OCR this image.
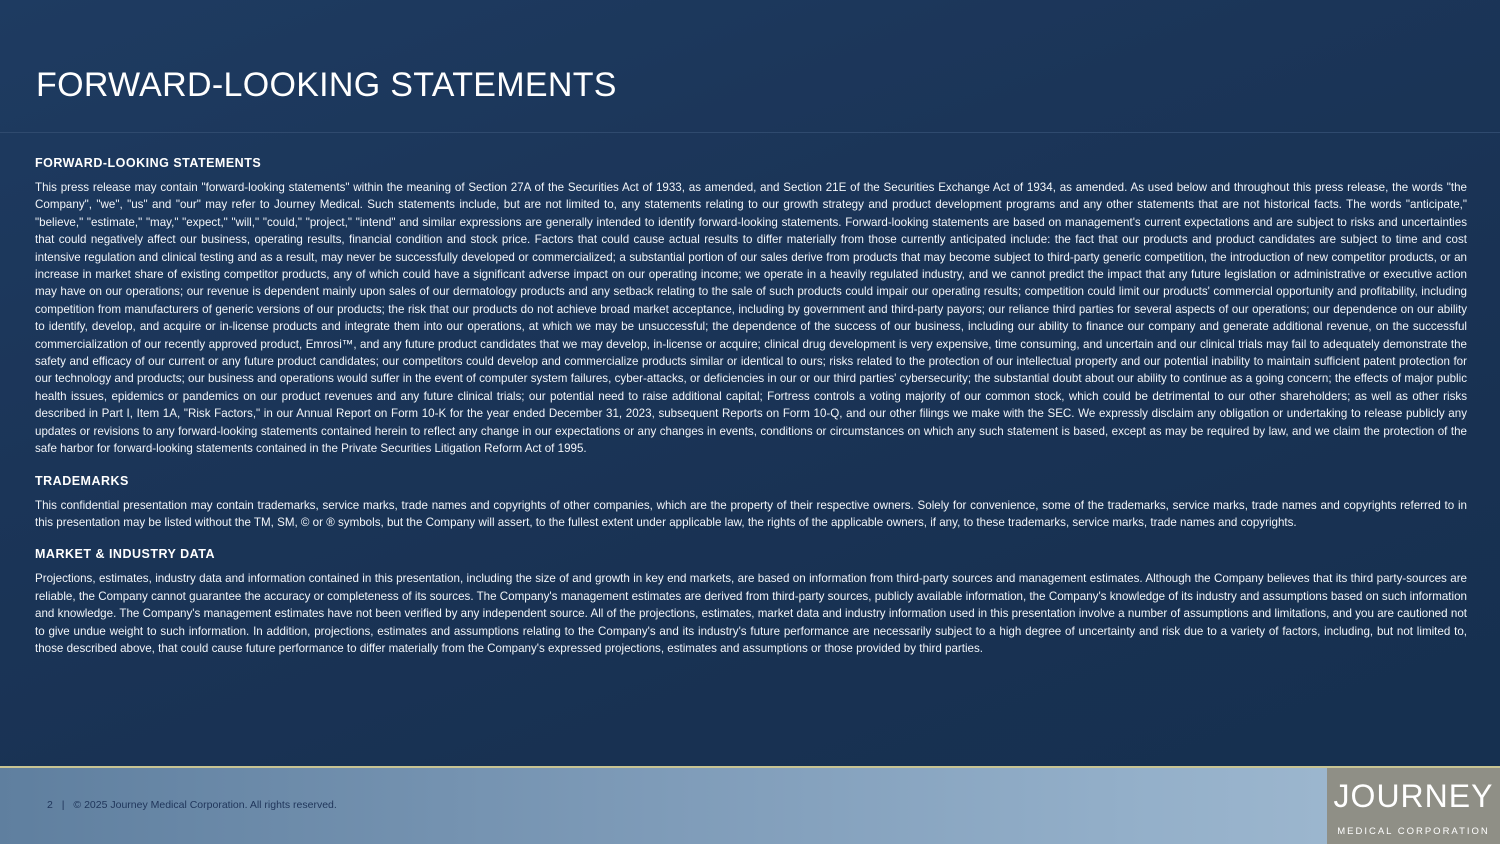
FORWARD-LOOKING STATEMENTS
FORWARD-LOOKING STATEMENTS

This press release may contain "forward-looking statements" within the meaning of Section 27A of the Securities Act of 1933, as amended, and Section 21E of the Securities Exchange Act of 1934, as amended. As used below and throughout this press release, the words "the Company", "we", "us" and "our" may refer to Journey Medical. Such statements include, but are not limited to, any statements relating to our growth strategy and product development programs and any other statements that are not historical facts. The words "anticipate," "believe," "estimate," "may," "expect," "will," "could," "project," "intend" and similar expressions are generally intended to identify forward-looking statements. Forward-looking statements are based on management's current expectations and are subject to risks and uncertainties that could negatively affect our business, operating results, financial condition and stock price. Factors that could cause actual results to differ materially from those currently anticipated include: the fact that our products and product candidates are subject to time and cost intensive regulation and clinical testing and as a result, may never be successfully developed or commercialized; a substantial portion of our sales derive from products that may become subject to third-party generic competition, the introduction of new competitor products, or an increase in market share of existing competitor products, any of which could have a significant adverse impact on our operating income; we operate in a heavily regulated industry, and we cannot predict the impact that any future legislation or administrative or executive action may have on our operations; our revenue is dependent mainly upon sales of our dermatology products and any setback relating to the sale of such products could impair our operating results; competition could limit our products' commercial opportunity and profitability, including competition from manufacturers of generic versions of our products; the risk that our products do not achieve broad market acceptance, including by government and third-party payors; our reliance third parties for several aspects of our operations; our dependence on our ability to identify, develop, and acquire or in-license products and integrate them into our operations, at which we may be unsuccessful; the dependence of the success of our business, including our ability to finance our company and generate additional revenue, on the successful commercialization of our recently approved product, Emrosi™, and any future product candidates that we may develop, in-license or acquire; clinical drug development is very expensive, time consuming, and uncertain and our clinical trials may fail to adequately demonstrate the safety and efficacy of our current or any future product candidates; our competitors could develop and commercialize products similar or identical to ours; risks related to the protection of our intellectual property and our potential inability to maintain sufficient patent protection for our technology and products; our business and operations would suffer in the event of computer system failures, cyber-attacks, or deficiencies in our or our third parties' cybersecurity; the substantial doubt about our ability to continue as a going concern; the effects of major public health issues, epidemics or pandemics on our product revenues and any future clinical trials; our potential need to raise additional capital; Fortress controls a voting majority of our common stock, which could be detrimental to our other shareholders; as well as other risks described in Part I, Item 1A, "Risk Factors," in our Annual Report on Form 10-K for the year ended December 31, 2023, subsequent Reports on Form 10-Q, and our other filings we make with the SEC. We expressly disclaim any obligation or undertaking to release publicly any updates or revisions to any forward-looking statements contained herein to reflect any change in our expectations or any changes in events, conditions or circumstances on which any such statement is based, except as may be required by law, and we claim the protection of the safe harbor for forward-looking statements contained in the Private Securities Litigation Reform Act of 1995.

TRADEMARKS

This confidential presentation may contain trademarks, service marks, trade names and copyrights of other companies, which are the property of their respective owners. Solely for convenience, some of the trademarks, service marks, trade names and copyrights referred to in this presentation may be listed without the TM, SM, © or ® symbols, but the Company will assert, to the fullest extent under applicable law, the rights of the applicable owners, if any, to these trademarks, service marks, trade names and copyrights.

MARKET & INDUSTRY DATA

Projections, estimates, industry data and information contained in this presentation, including the size of and growth in key end markets, are based on information from third-party sources and management estimates. Although the Company believes that its third party-sources are reliable, the Company cannot guarantee the accuracy or completeness of its sources. The Company's management estimates are derived from third-party sources, publicly available information, the Company's knowledge of its industry and assumptions based on such information and knowledge. The Company's management estimates have not been verified by any independent source. All of the projections, estimates, market data and industry information used in this presentation involve a number of assumptions and limitations, and you are cautioned not to give undue weight to such information. In addition, projections, estimates and assumptions relating to the Company's and its industry's future performance are necessarily subject to a high degree of uncertainty and risk due to a variety of factors, including, but not limited to, those described above, that could cause future performance to differ materially from the Company's expressed projections, estimates and assumptions or those provided by third parties.

2 | © 2025 Journey Medical Corporation. All rights reserved.	JOURNEY
MEDICAL CORPORATION
